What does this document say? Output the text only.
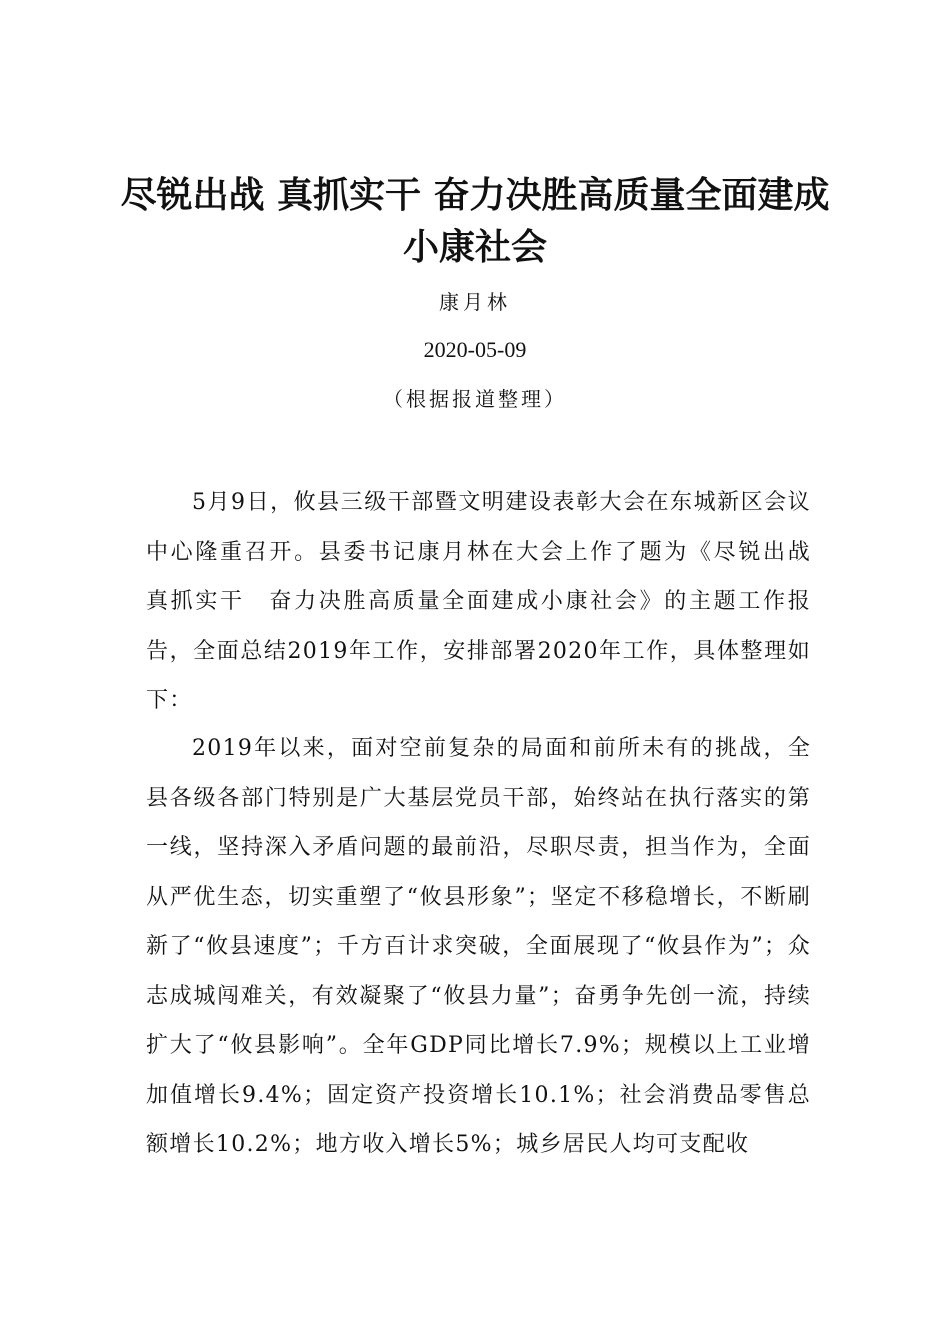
尽锐出战 真抓实干 奋力决胜高质量全面建成小康社会
康月林
2020-05-09
（根据报道整理）

5月9日，攸县三级干部暨文明建设表彰大会在东城新区会议中心隆重召开。县委书记康月林在大会上作了题为《尽锐出战　真抓实干　奋力决胜高质量全面建成小康社会》的主题工作报告，全面总结2019年工作，安排部署2020年工作，具体整理如下：

2019年以来，面对空前复杂的局面和前所未有的挑战，全县各级各部门特别是广大基层党员干部，始终站在执行落实的第一线，坚持深入矛盾问题的最前沿，尽职尽责，担当作为，全面从严优生态，切实重塑了“攸县形象”；坚定不移稳增长，不断刷新了“攸县速度”；千方百计求突破，全面展现了“攸县作为”；众志成城闯难关，有效凝聚了“攸县力量”；奋勇争先创一流，持续扩大了“攸县影响”。全年GDP同比增长7.9%；规模以上工业增加值增长9.4%；固定资产投资增长10.1%；社会消费品零售总额增长10.2%；地方收入增长5%；城乡居民人均可支配收
